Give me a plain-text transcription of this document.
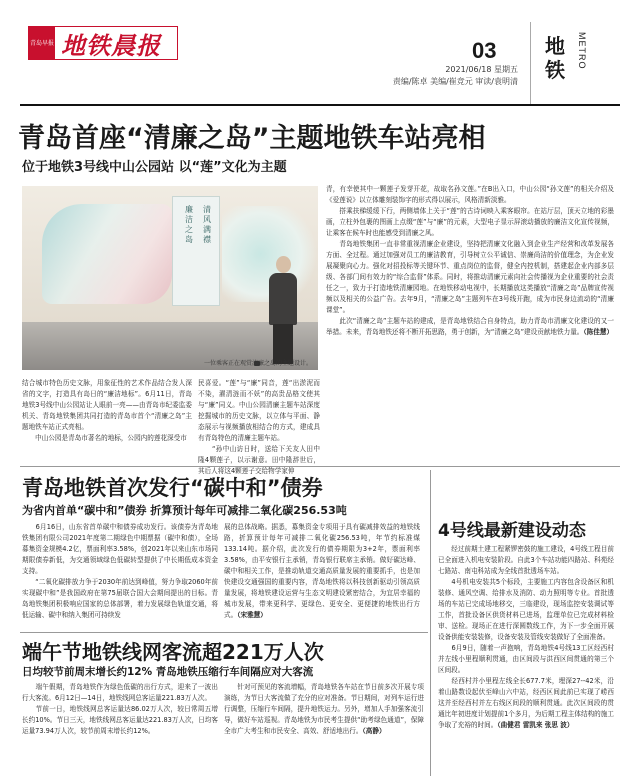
青岛早报 地铁晨报	03
2021/06/18 星期五
责编/陈卓 美编/崔竞元 审读/袁明清
地铁
METRO
青岛首座“清廉之岛”主题地铁车站亮相
位于地铁3号线中山公园站 以“莲”文化为主题
清风满襟
廉洁之岛
一位乘客正在观赏清廉之岛的主题设计。
结合城市特色历史文脉，用象征性的艺术作品结合发人深省的文字，打造具有岛日的“廉洁地标”。6月11日，青岛地铁3号线中山公园站让人眼前一亮——由青岛市纪委监委机关、青岛地铁集团共同打造的青岛市首个“清廉之岛”主题地铁车站正式亮相。
　　中山公园是青岛市著名的地标，公园内的莲花深受市
民喜爱。“莲”与“廉”同音，莲“出淤泥而不染，濯清涟而不妖”的高贵品格文使其与“廉”同义。中山公园清廉主题车站深度挖掘城市的历史文脉，以立体与平面、静态展示与视频播放相结合的方式，建成具有青岛特色的清廉主题车站。
　　“孙中山访日时，送给下关友人田中隆4颗莲子，以示谢意。田中隆辞世后，其后人将这4颗莲子交给物学家伸
青，有幸使其中一颗莲子发芽开花，故取名孙文莲。”在B出入口，中山公园“孙文莲”的相关介绍及《爱莲说》以立体雕刻装饰字的形式得以展示，风格清新淡雅。
　　搭乘扶梯缓缓下行，两侧墙体上关于“莲”的古诗词映入乘客眼帘。在站厅层，顶天立地的彩墨画，立柱外包裹的图画上点缀“莲”与“廉”的元素，大型电子显示屏滚动播放的廉洁文化宣传视频，让乘客在候车时也能感受到清廉之风。
　　青岛地铁集团一直非常重视清廉企业建设，坚持把清廉文化融入到企业生产经营和改革发展各方面、全过程。通过加强对员工的廉洁教育，引导树立公平诚信、崇廉尚洁的价值理念，为企业发展凝聚向心力。强化对招投标等关键环节、重点岗位的监督，健全内控机制，搭建起企业内部多层级、各部门间有效力的“综合监督”体系。同时，将推动清廉元素向社会传播视为企业重要的社会责任之一，致力于打造地铁清廉园地。在地铁移动电视中，长期播放这类播放“清廉之岛”品牌宣传视频以及相关的公益广告。去年9月，“清廉之岛”主题列车在3号线开跑，成为市民身边流动的“清廉课堂”。
　　此次“清廉之岛”主题车站的建成，是青岛地铁结合自身特点，助力青岛市清廉文化建设的又一举措。未来，青岛地铁还将不断开拓思路，勇于创新，为“清廉之岛”建设贡献地铁力量。（陈佳慧）
青岛地铁首次发行“碳中和”债券
为省内首单“碳中和”债券 折算预计每年可减排二氧化碳256.53吨
　　6月16日，山东省首单碳中和债券成功发行。该债券为青岛地铁集团有限公司2021年度第二期绿色中期票据（碳中和债），全场募集资金规模4.2亿，票面利率3.58%，创2021年以来山东市场同期限债券新低，为交通领域绿色低碳转型提供了中长期低成本资金支持。
　　“二氧化碳排放力争于2030年前达到峰值，努力争取2060年前实现碳中和”是我国政府在第75届联合国大会期间提出的目标。青岛地铁集团积极响应国家的总体部署，着力发展绿色轨道交通，将低运输、碳中和纳入集团可持续发
展的总体战略。据悉，募集资金专项用于具有碳减排效益的地铁线路，折算预计每年可减排二氧化碳256.53吨，年节约标准煤133.14吨。据介绍，此次发行的债券期限为3+2年，票面利率3.58%，由平安银行主承销，青岛银行联席主承销。做好碳达峰、碳中和相关工作，是推动轨道交通高质量发展的重要抓手，也是加快建设交通强国的重要内容，青岛地铁将以科技创新驱动引领高质量发展，将地铁建设运营与生态文明建设紧密结合，为宜居幸福的城市发展，带来更科学、更绿色、更安全、更便捷的地铁出行方式。（宋雅慧）
4号线最新建设动态
　　经过前期土建工程紧锣密鼓的施工建设，4号线工程目前已全面进入机电安装阶段。自此3个车站功能四路站、科苑经七路站、南屯科站成为全线首批透场车站。
　　4号机电安装共5个标段，主要施工内容包含设备区和机装修、通风空调、给排水及消防、动力照明等专业。首批透场的车站已完成场地移交，三临建设，现场监控安装调试等工作，首批设备区供货材料已进场，监理单位已完成材料检审、送检。现场正在进行深圆数线工作，为下一步全面开展设备供能安装装修，设备安装及管线安装做好了全面准备。
　　6月9日，随着一声抱响，青岛地铁4号线13工区经西村并左线小里程顺利贯通，由区间段与洪西区间贯通的第三个区间段。
　　经西村并小里程左线全长677.7米，埋深27--42米，沿着山路数设起伏至峰山六中站，经西区间此前已实现了崂西这并至经西村并左右线区间段的顺利贯通。此次区间段的贯通比年初进度计划提前1个多月，为后期工程主体结构的施工争取了充裕的时间。（曲健君 雷凯来 张思 波）
端午节地铁线网客流超221万人次
日均较节前周末增长约12% 青岛地铁压缩行车间隔应对大客流
　　端午假期，青岛地铁作为绿色低碳的出行方式，迎来了一波出行大客流。6月12日—14日，地铁线网总客运量221.83万人次。
　　节前一日，地铁线网总客运量达86.02万人次，较日常周五增长约10%。节日三天，地铁线网总客运量达221.83万人次，日均客运量73.94万人次，较节前周末增长约12%。
　　针对可预见的客流增幅，青岛地铁各车站在节日前多次开展专项演练，为节日大客流做了充分的应对准备。节日期间，对列车运行进行调整，压缩行车间隔，提升地铁运力。另外，增加人手加强客流引导，做好车站巡视。青岛地铁为市民考生提供“助考绿色通道”，保障全市广大考生和市民安全、高效、舒适地出行。（高静）
